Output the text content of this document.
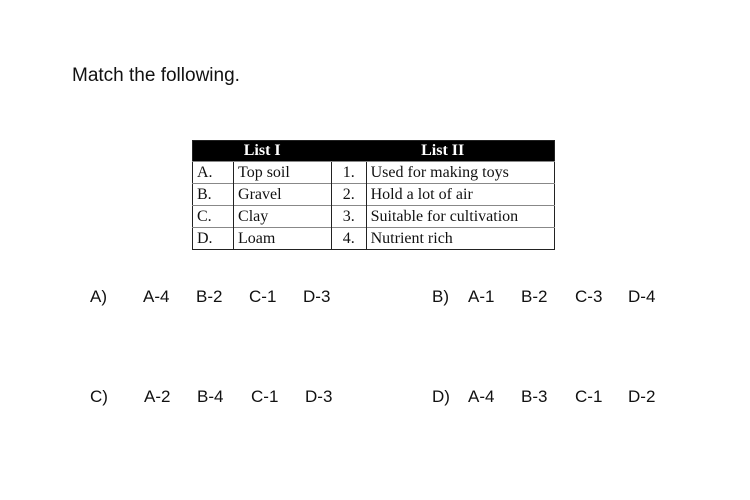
Match the following.
List I		List II	
A.	Top soil	1.	Used for making toys
B.	Gravel	2.	Hold a lot of air
C.	Clay	3.	Suitable for cultivation
D.	Loam	4.	Nutrient rich
A) A-4 B-2 C-1 D-3	B) A-1 B-2 C-3 D-4
C) A-2 B-4 C-1 D-3	D) A-4 B-3 C-1 D-2
